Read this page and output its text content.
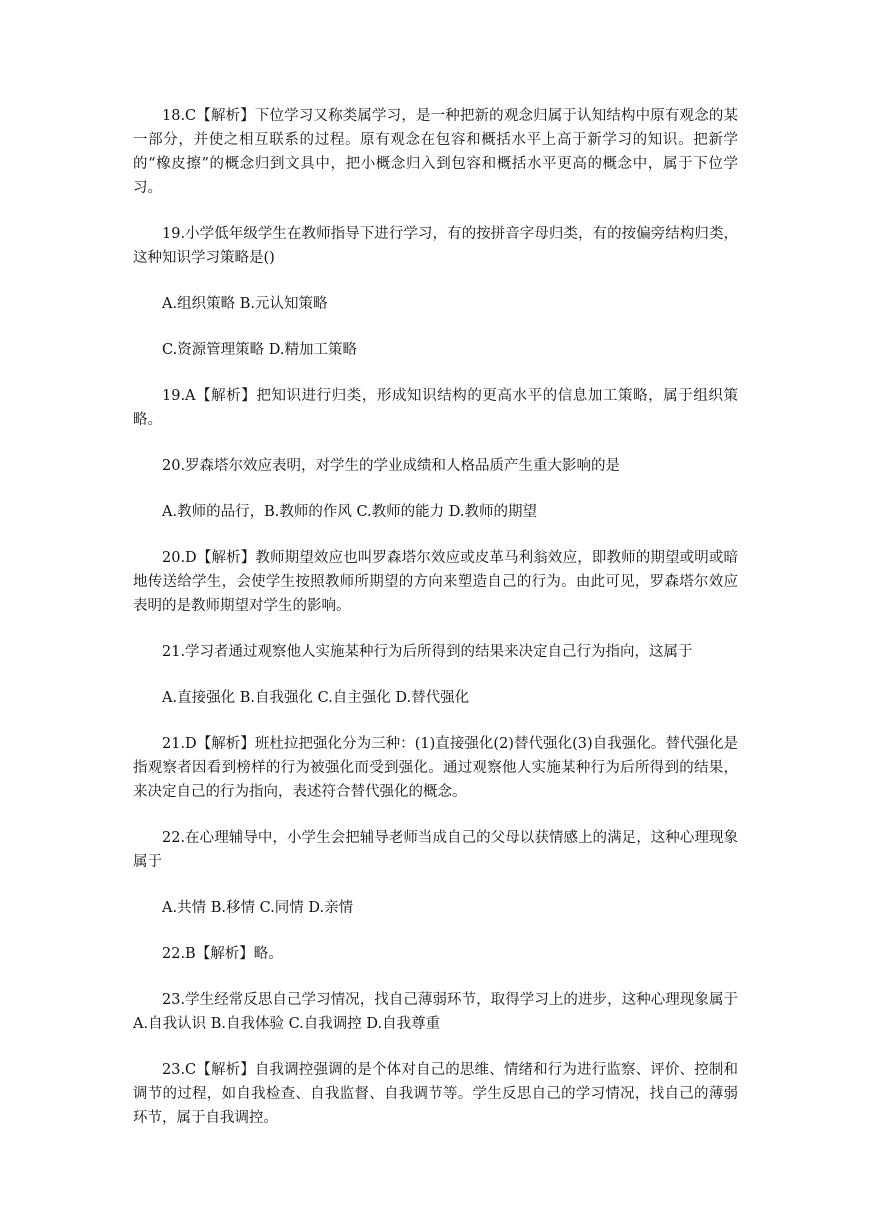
18.C【解析】下位学习又称类属学习，是一种把新的观念归属于认知结构中原有观念的某一部分，并使之相互联系的过程。原有观念在包容和概括水平上高于新学习的知识。把新学的“橡皮擦”的概念归到文具中，把小概念归入到包容和概括水平更高的概念中，属于下位学习。

19.小学低年级学生在教师指导下进行学习，有的按拼音字母归类，有的按偏旁结构归类，这种知识学习策略是()

A.组织策略 B.元认知策略

C.资源管理策略 D.精加工策略

19.A【解析】把知识进行归类，形成知识结构的更高水平的信息加工策略，属于组织策略。

20.罗森塔尔效应表明，对学生的学业成绩和人格品质产生重大影响的是

A.教师的品行，B.教师的作风 C.教师的能力 D.教师的期望

20.D【解析】教师期望效应也叫罗森塔尔效应或皮革马利翁效应，即教师的期望或明或暗地传送给学生，会使学生按照教师所期望的方向来塑造自己的行为。由此可见，罗森塔尔效应表明的是教师期望对学生的影响。

21.学习者通过观察他人实施某种行为后所得到的结果来决定自己行为指向，这属于

A.直接强化 B.自我强化 C.自主强化 D.替代强化

21.D【解析】班杜拉把强化分为三种：(1)直接强化(2)替代强化(3)自我强化。替代强化是指观察者因看到榜样的行为被强化而受到强化。通过观察他人实施某种行为后所得到的结果，来决定自己的行为指向，表述符合替代强化的概念。

22.在心理辅导中，小学生会把辅导老师当成自己的父母以获情感上的满足，这种心理现象属于

A.共情 B.移情 C.同情 D.亲情

22.B【解析】略。

23.学生经常反思自己学习情况，找自己薄弱环节，取得学习上的进步，这种心理现象属于 A.自我认识 B.自我体验 C.自我调控 D.自我尊重

23.C【解析】自我调控强调的是个体对自己的思维、情绪和行为进行监察、评价、控制和调节的过程，如自我检查、自我监督、自我调节等。学生反思自己的学习情况，找自己的薄弱环节，属于自我调控。
